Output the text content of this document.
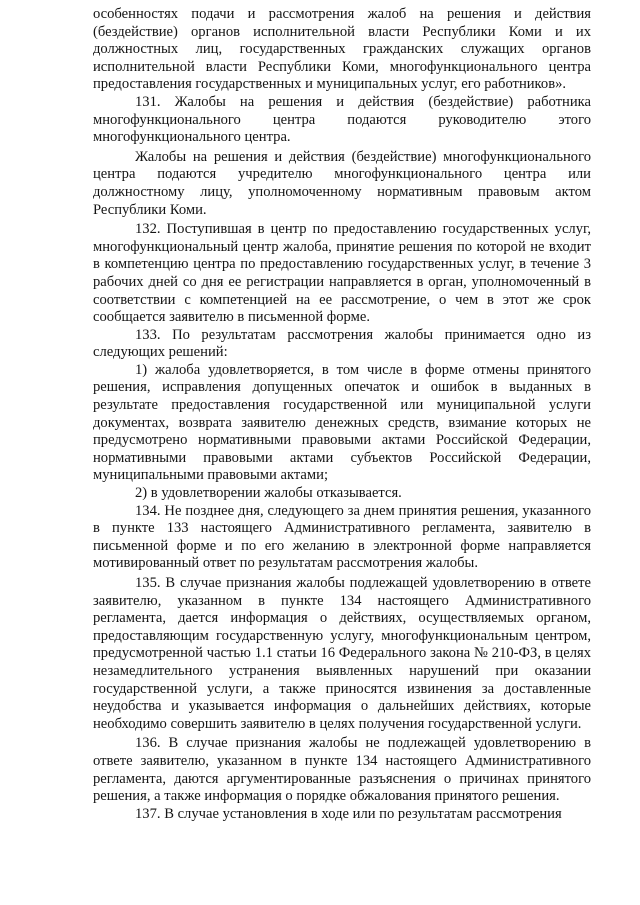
особенностях подачи и рассмотрения жалоб на решения и действия (бездействие) органов исполнительной власти Республики Коми и их должностных лиц, государственных гражданских служащих органов исполнительной власти Республики Коми, многофункционального центра предоставления государственных и муниципальных услуг, его работников».

131. Жалобы на решения и действия (бездействие) работника многофункционального центра подаются руководителю этого многофункционального центра.

Жалобы на решения и действия (бездействие) многофункционального центра подаются учредителю многофункционального центра или должностному лицу, уполномоченному нормативным правовым актом Республики Коми.

132. Поступившая в центр по предоставлению государственных услуг, многофункциональный центр жалоба, принятие решения по которой не входит в компетенцию центра по предоставлению государственных услуг, в течение 3 рабочих дней со дня ее регистрации направляется в орган, уполномоченный в соответствии с компетенцией на ее рассмотрение, о чем в этот же срок сообщается заявителю в письменной форме.

133. По результатам рассмотрения жалобы принимается одно из следующих решений:

1) жалоба удовлетворяется, в том числе в форме отмены принятого решения, исправления допущенных опечаток и ошибок в выданных в результате предоставления государственной или муниципальной услуги документах, возврата заявителю денежных средств, взимание которых не предусмотрено нормативными правовыми актами Российской Федерации, нормативными правовыми актами субъектов Российской Федерации, муниципальными правовыми актами;

2) в удовлетворении жалобы отказывается.

134. Не позднее дня, следующего за днем принятия решения, указанного в пункте 133 настоящего Административного регламента, заявителю в письменной форме и по его желанию в электронной форме направляется мотивированный ответ по результатам рассмотрения жалобы.

135. В случае признания жалобы подлежащей удовлетворению в ответе заявителю, указанном в пункте 134 настоящего Административного регламента, дается информация о действиях, осуществляемых органом, предоставляющим государственную услугу, многофункциональным центром, предусмотренной частью 1.1 статьи 16 Федерального закона № 210-ФЗ, в целях незамедлительного устранения выявленных нарушений при оказании государственной услуги, а также приносятся извинения за доставленные неудобства и указывается информация о дальнейших действиях, которые необходимо совершить заявителю в целях получения государственной услуги.

136. В случае признания жалобы не подлежащей удовлетворению в ответе заявителю, указанном в пункте 134 настоящего Административного регламента, даются аргументированные разъяснения о причинах принятого решения, а также информация о порядке обжалования принятого решения.

137. В случае установления в ходе или по результатам рассмотрения
